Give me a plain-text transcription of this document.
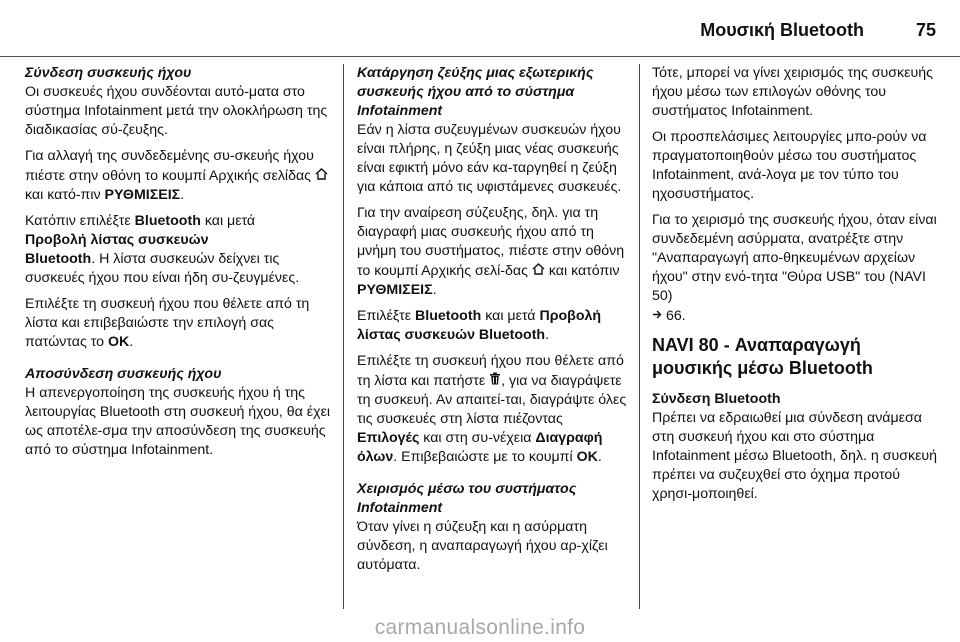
Μουσική Bluetooth	75
Σύνδεση συσκευής ήχου

Οι συσκευές ήχου συνδέονται αυτό-ματα στο σύστημα Infotainment μετά την ολοκλήρωση της διαδικασίας σύ-ζευξης.

Για αλλαγή της συνδεδεμένης συ-σκευής ήχου πιέστε στην οθόνη το κουμπί Αρχικής σελίδας  και κατό-πιν ΡΥΘΜΙΣΕΙΣ.

Κατόπιν επιλέξτε Bluetooth και μετά
Προβολή λίστας συσκευών
Bluetooth. Η λίστα συσκευών δείχνει τις συσκευές ήχου που είναι ήδη συ-ζευγμένες.

Επιλέξτε τη συσκευή ήχου που θέλετε από τη λίστα και επιβεβαιώστε την επιλογή σας πατώντας το OK.

Αποσύνδεση συσκευής ήχου

Η απενεργοποίηση της συσκευής ήχου ή της λειτουργίας Bluetooth στη συσκευή ήχου, θα έχει ως αποτέλε-σμα την αποσύνδεση της συσκευής από το σύστημα Infotainment.

Κατάργηση ζεύξης μιας εξωτερικής συσκευής ήχου από το σύστημα Infotainment

Εάν η λίστα συζευγμένων συσκευών ήχου είναι πλήρης, η ζεύξη μιας νέας συσκευής είναι εφικτή μόνο εάν κα-ταργηθεί η ζεύξη για κάποια από τις υφιστάμενες συσκευές.

Για την αναίρεση σύζευξης, δηλ. για τη διαγραφή μιας συσκευής ήχου από τη μνήμη του συστήματος, πιέστε στην οθόνη το κουμπί Αρχικής σελί-δας  και κατόπιν ΡΥΘΜΙΣΕΙΣ.

Επιλέξτε Bluetooth και μετά Προβολή λίστας συσκευών Bluetooth.

Επιλέξτε τη συσκευή ήχου που θέλετε από τη λίστα και πατήστε , για να διαγράψετε τη συσκευή. Αν απαιτεί-ται, διαγράψτε όλες τις συσκευές στη λίστα πιέζοντας Επιλογές και στη συ-νέχεια Διαγραφή όλων. Επιβεβαιώστε με το κουμπί OK.

Χειρισμός μέσω του συστήματος Infotainment

Όταν γίνει η σύζευξη και η ασύρματη σύνδεση, η αναπαραγωγή ήχου αρ-χίζει αυτόματα.

Τότε, μπορεί να γίνει χειρισμός της συσκευής ήχου μέσω των επιλογών οθόνης του συστήματος Infotainment.

Οι προσπελάσιμες λειτουργίες μπο-ρούν να πραγματοποιηθούν μέσω του συστήματος Infotainment, ανά-λογα με τον τύπο του ηχοσυστήματος.

Για το χειρισμό της συσκευής ήχου, όταν είναι συνδεδεμένη ασύρματα, ανατρέξτε στην "Αναπαραγωγή απο-θηκευμένων αρχείων ήχου" στην ενό-τητα "Θύρα USB" του (NAVI 50)
66.

NAVI 80 - Αναπαραγωγή μουσικής μέσω Bluetooth
Σύνδεση Bluetooth

Πρέπει να εδραιωθεί μια σύνδεση ανάμεσα στη συσκευή ήχου και στο σύστημα Infotainment μέσω Bluetooth, δηλ. η συσκευή πρέπει να συζευχθεί στο όχημα προτού χρησι-μοποιηθεί.

carmanualsonline.info
